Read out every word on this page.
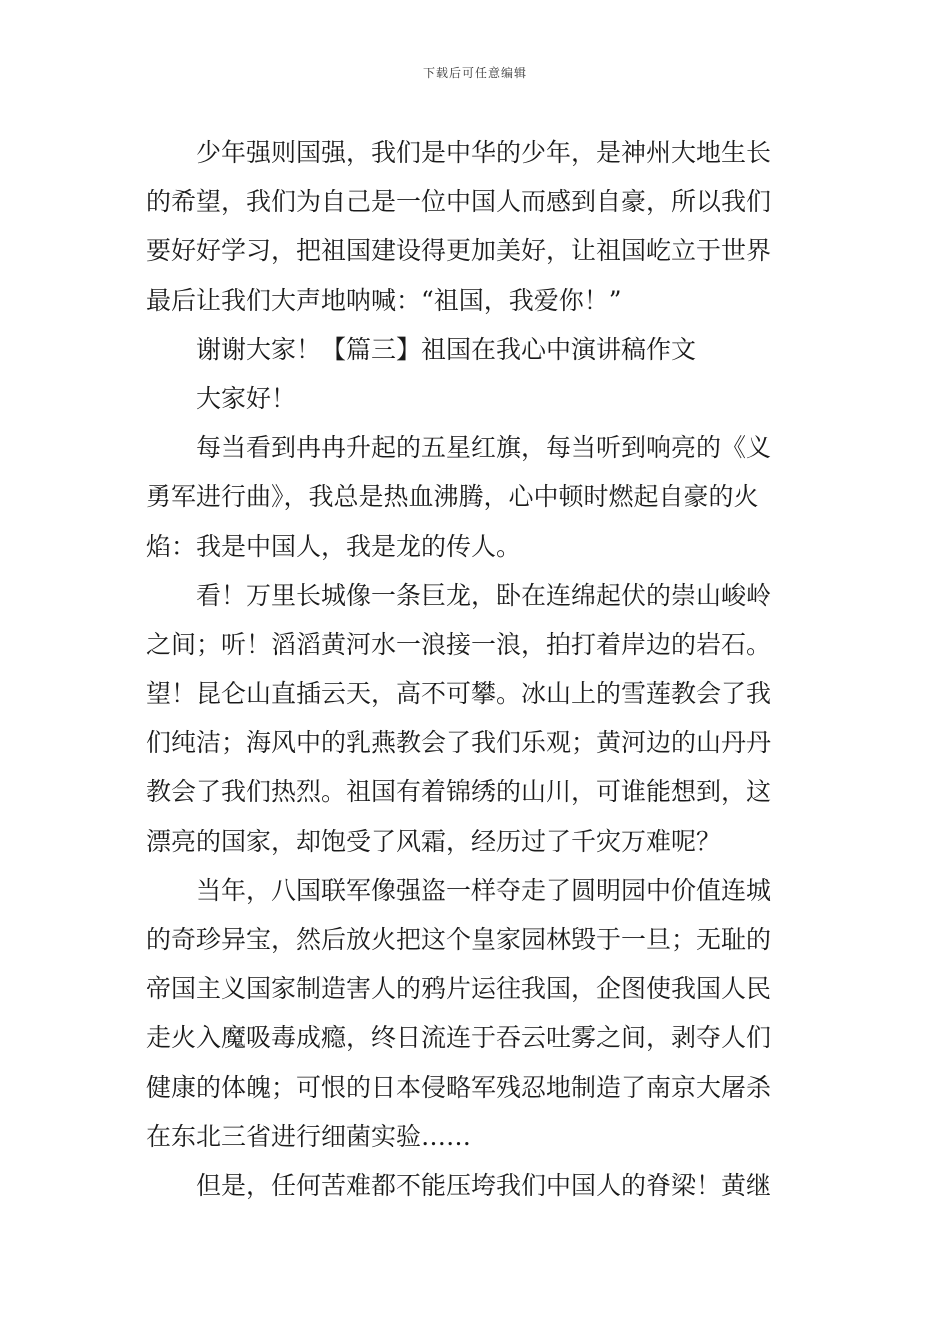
下载后可任意编辑
少年强则国强，我们是中华的少年，是神州大地生长
的希望，我们为自己是一位中国人而感到自豪，所以我们
要好好学习，把祖国建设得更加美好，让祖国屹立于世界
最后让我们大声地呐喊：“祖国，我爱你！”
谢谢大家！【篇三】祖国在我心中演讲稿作文
大家好！
每当看到冉冉升起的五星红旗，每当听到响亮的《义
勇军进行曲》，我总是热血沸腾，心中顿时燃起自豪的火
焰：我是中国人，我是龙的传人。
看！万里长城像一条巨龙，卧在连绵起伏的崇山峻岭
之间；听！滔滔黄河水一浪接一浪，拍打着岸边的岩石。
望！昆仑山直插云天，高不可攀。冰山上的雪莲教会了我
们纯洁；海风中的乳燕教会了我们乐观；黄河边的山丹丹
教会了我们热烈。祖国有着锦绣的山川，可谁能想到，这
漂亮的国家，却饱受了风霜，经历过了千灾万难呢？
当年，八国联军像强盗一样夺走了圆明园中价值连城
的奇珍异宝，然后放火把这个皇家园林毁于一旦；无耻的
帝国主义国家制造害人的鸦片运往我国，企图使我国人民
走火入魔吸毒成瘾，终日流连于吞云吐雾之间，剥夺人们
健康的体魄；可恨的日本侵略军残忍地制造了南京大屠杀
在东北三省进行细菌实验……
但是，任何苦难都不能压垮我们中国人的脊梁！黄继
